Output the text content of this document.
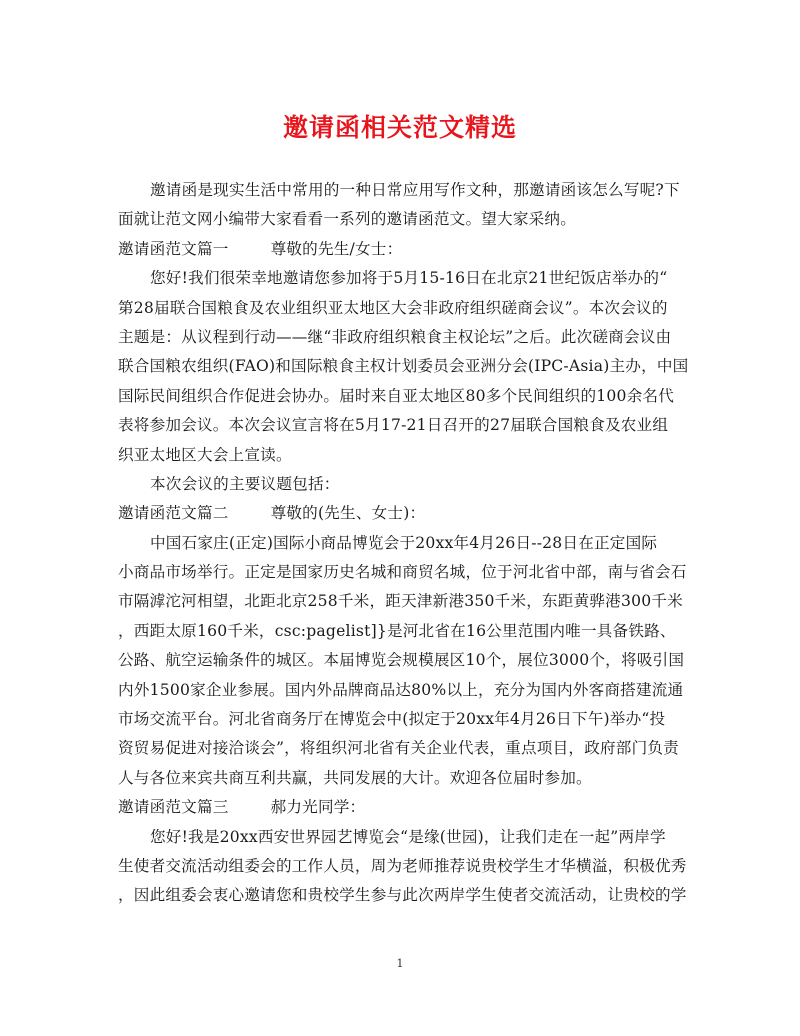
邀请函相关范文精选
邀请函是现实生活中常用的一种日常应用写作文种，那邀请函该怎么写呢?下
面就让范文网小编带大家看看一系列的邀请函范文。望大家采纳。
邀请函范文篇一	尊敬的先生/女士：
您好!我们很荣幸地邀请您参加将于5月15-16日在北京21世纪饭店举办的“
第28届联合国粮食及农业组织亚太地区大会非政府组织磋商会议”。本次会议的
主题是：从议程到行动——继“非政府组织粮食主权论坛”之后。此次磋商会议由
联合国粮农组织(FAO)和国际粮食主权计划委员会亚洲分会(IPC-Asia)主办，中国
国际民间组织合作促进会协办。届时来自亚太地区80多个民间组织的100余名代
表将参加会议。本次会议宣言将在5月17-21日召开的27届联合国粮食及农业组
织亚太地区大会上宣读。
本次会议的主要议题包括：
邀请函范文篇二	尊敬的(先生、女士)：
中国石家庄(正定)国际小商品博览会于20xx年4月26日--28日在正定国际
小商品市场举行。正定是国家历史名城和商贸名城，位于河北省中部，南与省会石
市隔滹沱河相望，北距北京258千米，距天津新港350千米，东距黄骅港300千米
，西距太原160千米，csc:pagelist]}是河北省在16公里范围内唯一具备铁路、
公路、航空运输条件的城区。本届博览会规模展区10个，展位3000个，将吸引国
内外1500家企业参展。国内外品牌商品达80%以上，充分为国内外客商搭建流通
市场交流平台。河北省商务厅在博览会中(拟定于20xx年4月26日下午)举办“投
资贸易促进对接洽谈会”，将组织河北省有关企业代表，重点项目，政府部门负责
人与各位来宾共商互利共赢，共同发展的大计。欢迎各位届时参加。
邀请函范文篇三	郝力光同学：
您好!我是20xx西安世界园艺博览会“是缘(世园)，让我们走在一起”两岸学
生使者交流活动组委会的工作人员，周为老师推荐说贵校学生才华横溢，积极优秀
，因此组委会衷心邀请您和贵校学生参与此次两岸学生使者交流活动，让贵校的学
1
